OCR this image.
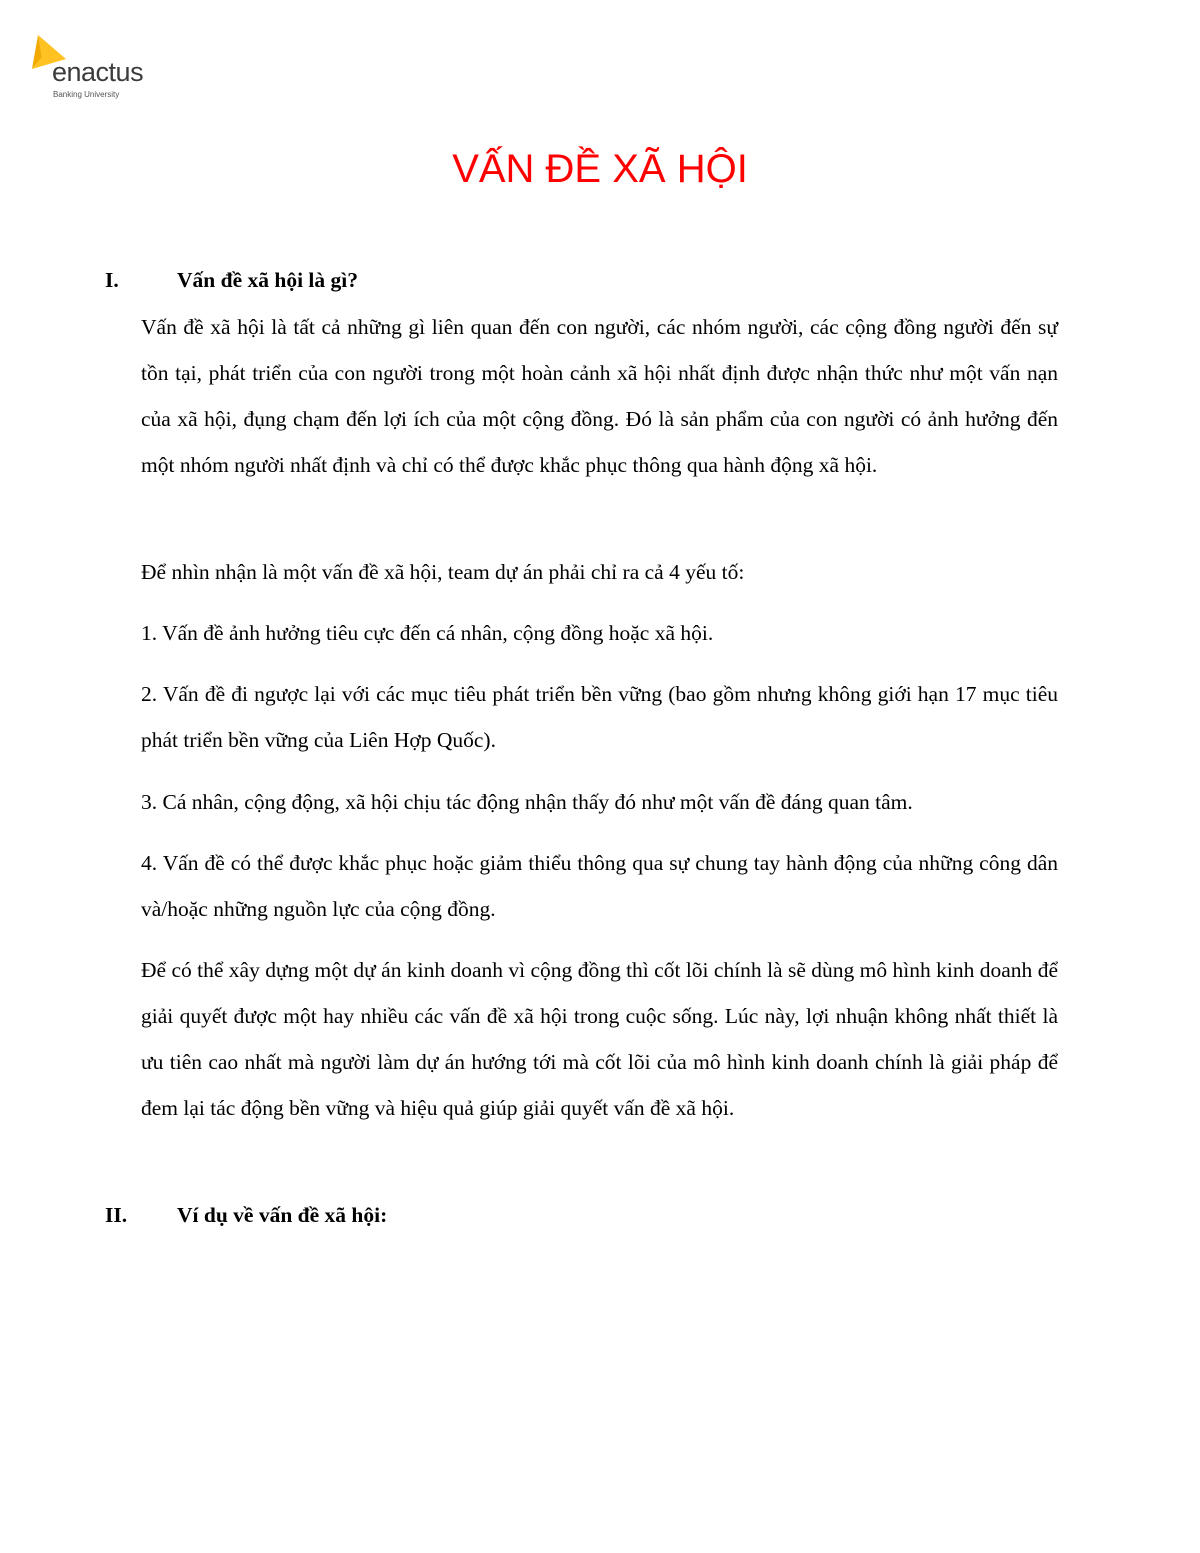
enactus
Banking University
VẤN ĐỀ XÃ HỘI
I.	Vấn đề xã hội là gì?

Vấn đề xã hội là tất cả những gì liên quan đến con người, các nhóm người, các cộng đồng người đến sự tồn tại, phát triển của con người trong một hoàn cảnh xã hội nhất định được nhận thức như một vấn nạn của xã hội, đụng chạm đến lợi ích của một cộng đồng. Đó là sản phẩm của con người có ảnh hưởng đến một nhóm người nhất định và chỉ có thể được khắc phục thông qua hành động xã hội.

Để nhìn nhận là một vấn đề xã hội, team dự án phải chỉ ra cả 4 yếu tố:

1. Vấn đề ảnh hưởng tiêu cực đến cá nhân, cộng đồng hoặc xã hội.

2. Vấn đề đi ngược lại với các mục tiêu phát triển bền vững (bao gồm nhưng không giới hạn 17 mục tiêu phát triển bền vững của Liên Hợp Quốc).

3. Cá nhân, cộng động, xã hội chịu tác động nhận thấy đó như một vấn đề đáng quan tâm.

4. Vấn đề có thể được khắc phục hoặc giảm thiểu thông qua sự chung tay hành động của những công dân và/hoặc những nguồn lực của cộng đồng.

Để có thể xây dựng một dự án kinh doanh vì cộng đồng thì cốt lõi chính là sẽ dùng mô hình kinh doanh để giải quyết được một hay nhiều các vấn đề xã hội trong cuộc sống. Lúc này, lợi nhuận không nhất thiết là ưu tiên cao nhất mà người làm dự án hướng tới mà cốt lõi của mô hình kinh doanh chính là giải pháp để đem lại tác động bền vững và hiệu quả giúp giải quyết vấn đề xã hội.

II. Ví dụ về vấn đề xã hội:
